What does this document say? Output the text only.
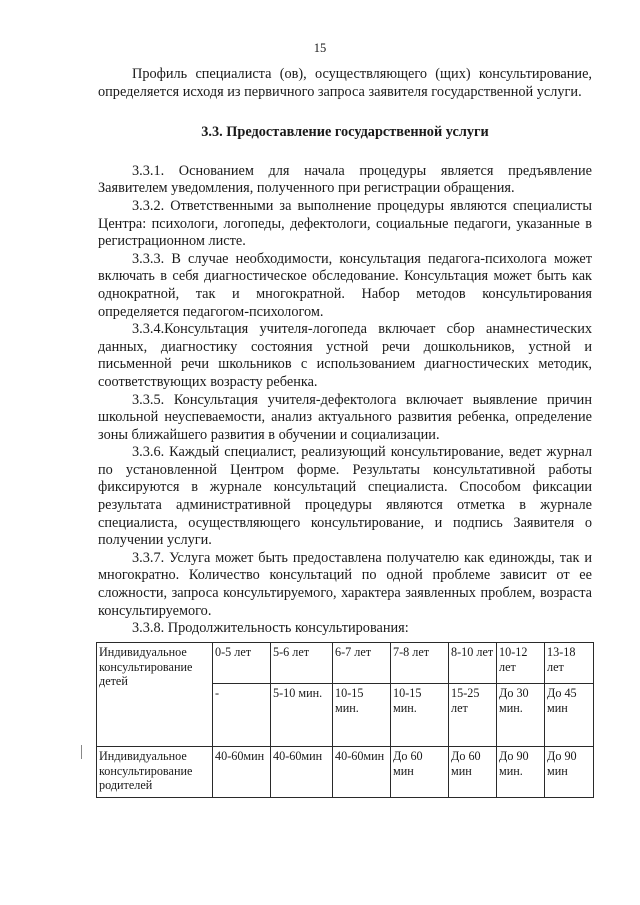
15

Профиль специалиста (ов), осуществляющего (щих) консультирование, определяется исходя из первичного запроса заявителя государственной услуги.

3.3. Предоставление государственной услуги

3.3.1. Основанием для начала процедуры является предъявление Заявителем уведомления, полученного при регистрации обращения.

3.3.2. Ответственными за выполнение процедуры являются специалисты Центра: психологи, логопеды, дефектологи, социальные педагоги, указанные в регистрационном листе.

3.3.3. В случае необходимости, консультация педагога-психолога может включать в себя диагностическое обследование. Консультация может быть как однократной, так и многократной. Набор методов консультирования определяется педагогом-психологом.

3.3.4.Консультация учителя-логопеда включает сбор анамнестических данных, диагностику состояния устной речи дошкольников, устной и письменной речи школьников с использованием диагностических методик, соответствующих возрасту ребенка.

3.3.5. Консультация учителя-дефектолога включает выявление причин школьной неуспеваемости, анализ актуального развития ребенка, определение зоны ближайшего развития в обучении и социализации.

3.3.6. Каждый специалист, реализующий консультирование, ведет журнал по установленной Центром форме. Результаты консультативной работы фиксируются в журнале консультаций специалиста. Способом фиксации результата административной процедуры являются отметка в журнале специалиста, осуществляющего консультирование, и подпись Заявителя о получении услуги.

3.3.7. Услуга может быть предоставлена получателю как единожды, так и многократно. Количество консультаций по одной проблеме зависит от ее сложности, запроса консультируемого, характера заявленных проблем, возраста консультируемого.

3.3.8. Продолжительность консультирования:

Индивидуальное консультирование детей	0-5 лет	5-6 лет	6-7 лет	7-8 лет	8-10 лет	10-12 лет	13-18 лет
	-	5-10 мин.	10-15 мин.	10-15 мин.	15-25 лет	До 30 мин.	До 45 мин
Индивидуальное консультирование родителей	40-60мин	40-60мин	40-60мин	До 60 мин	До 60 мин	До 90 мин.	До 90 мин
